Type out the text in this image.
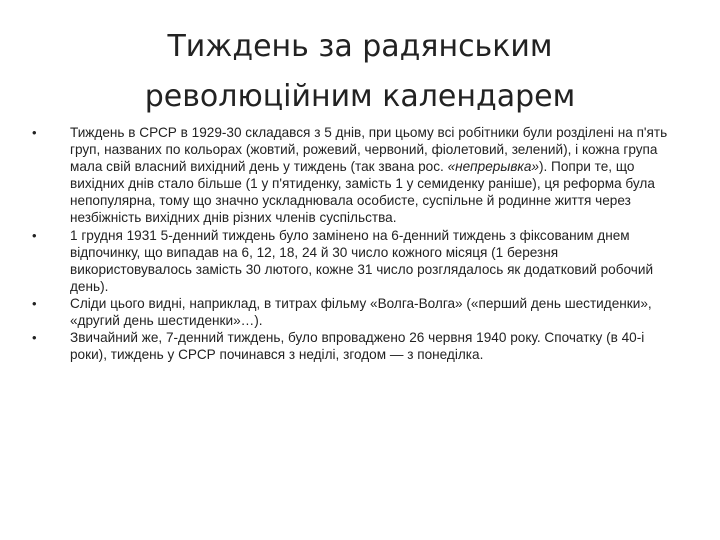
Тиждень за радянським
революційним календарем
•	Тиждень в СРСР в 1929-30 складався з 5 днів, при цьому всі робітники були розділені на п'ять груп, названих по кольорах (жовтий, рожевий, червоний, фіолетовий, зелений), і кожна група мала свій власний вихідний день у тиждень (так звана рос. «непрерывка»). Попри те, що вихідних днів стало більше (1 у п'ятиденку, замість 1 у семиденку раніше), ця реформа була непопулярна, тому що значно ускладнювала особисте, суспільне й родинне життя через незбіжність вихідних днів різних членів суспільства.
•	1 грудня 1931 5-денний тиждень було замінено на 6-денний тиждень з фіксованим днем відпочинку, що випадав на 6, 12, 18, 24 й 30 число кожного місяця (1 березня використовувалось замість 30 лютого, кожне 31 число розглядалось як додатковий робочий день).
•	Сліди цього видні, наприклад, в титрах фільму «Волга-Волга» («перший день шестиденки», «другий день шестиденки»…).
•	Звичайний же, 7-денний тиждень, було впроваджено 26 червня 1940 року. Спочатку (в 40-і роки), тиждень у СРСР починався з неділі, згодом — з понеділка.
